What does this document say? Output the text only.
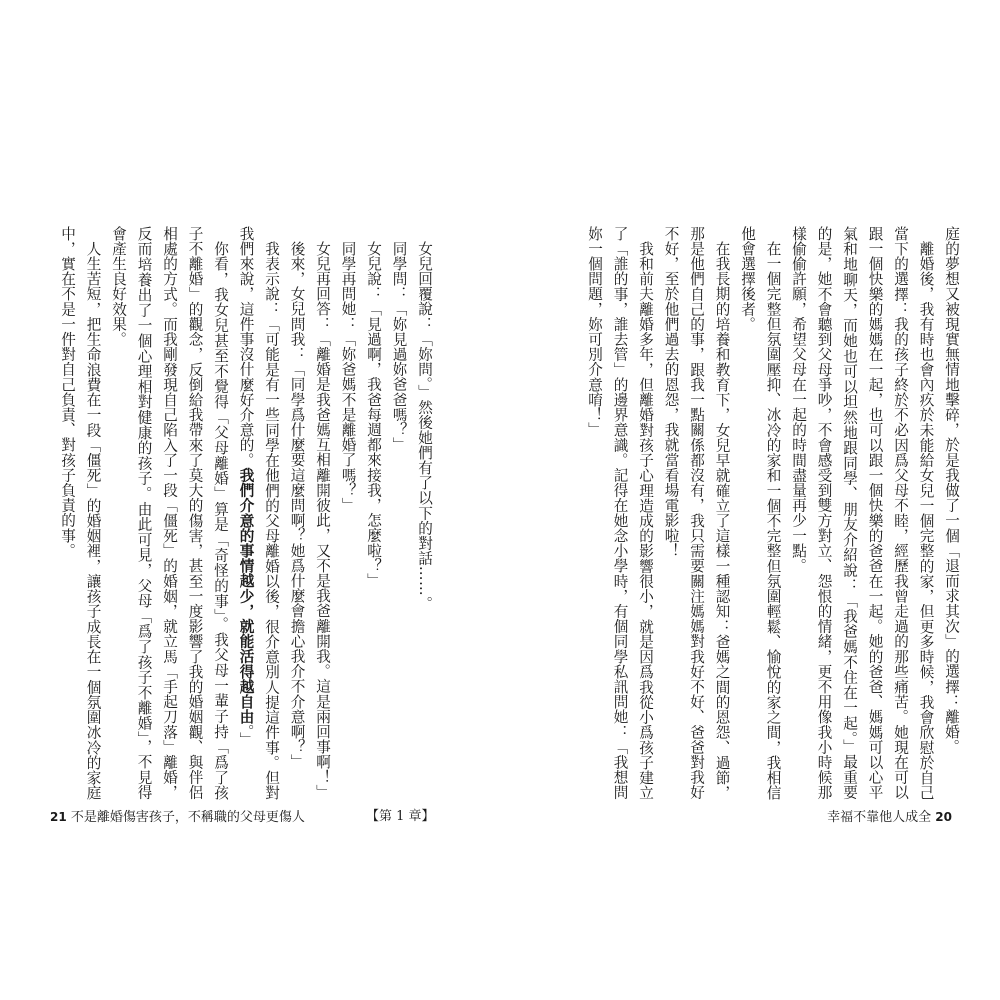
女兒回覆說：「妳問。」然後她們有了以下的對話……。

同學問：「妳見過妳爸爸嗎？」

女兒說：「見過啊，我爸每週都來接我，怎麼啦？」

同學再問她：「妳爸媽不是離婚了嗎？」

女兒再回答：「離婚是我爸媽互相離開彼此，又不是我爸離開我。這是兩回事啊！」

後來，女兒問我：「同學爲什麼要這麼問啊？她爲什麼會擔心我介不介意啊？」

我表示說：「可能是有一些同學在他們的父母離婚以後，很介意別人提這件事。但對我們來說，這件事沒什麼好介意的。我們介意的事情越少，就能活得越自由。」

你看，我女兒甚至不覺得「父母離婚」算是「奇怪的事」。我父母一輩子持「爲了孩子不離婚」的觀念，反倒給我帶來了莫大的傷害，甚至一度影響了我的婚姻觀、與伴侶相處的方式。而我剛發現自己陷入了一段「僵死」的婚姻，就立馬「手起刀落」離婚，反而培養出了一個心理相對健康的孩子。由此可見，父母「爲了孩子不離婚」，不見得會產生良好效果。

人生苦短，把生命浪費在一段「僵死」的婚姻裡，讓孩子成長在一個氛圍冰冷的家庭中，實在不是一件對自己負責、對孩子負責的事。	庭的夢想又被現實無情地擊碎，於是我做了一個「退而求其次」的選擇：離婚。

離婚後，我有時也會內疚於未能給女兒一個完整的家，但更多時候，我會欣慰於自己當下的選擇：我的孩子終於不必因爲父母不睦，經歷我曾走過的那些痛苦。她現在可以跟一個快樂的媽媽在一起，也可以跟一個快樂的爸爸在一起。她的爸爸、媽媽可以心平氣和地聊天，而她也可以坦然地跟同學、朋友介紹說：「我爸媽不住在一起。」最重要的是，她不會聽到父母爭吵，不會感受到雙方對立、怨恨的情緒，更不用像我小時候那樣偷偷許願，希望父母在一起的時間盡量再少一點。

在一個完整但氛圍壓抑、冰冷的家和一個不完整但氛圍輕鬆、愉悅的家之間，我相信他會選擇後者。

在我長期的培養和教育下，女兒早就確立了這樣一種認知：爸媽之間的恩怨、過節，那是他們自己的事，跟我一點關係都沒有，我只需要關注媽媽對我好不好、爸爸對我好不好，至於他們過去的恩怨，我就當看場電影啦！

我和前夫離婚多年，但離婚對孩子心理造成的影響很小，就是因爲我從小爲孩子建立了「誰的事，誰去管」的邊界意識。記得在她念小學時，有個同學私訊問她：「我想問妳一個問題，妳可別介意唷！」

21 不是離婚傷害孩子，不稱職的父母更傷人	【第 1 章】	幸福不靠他人成全 20
